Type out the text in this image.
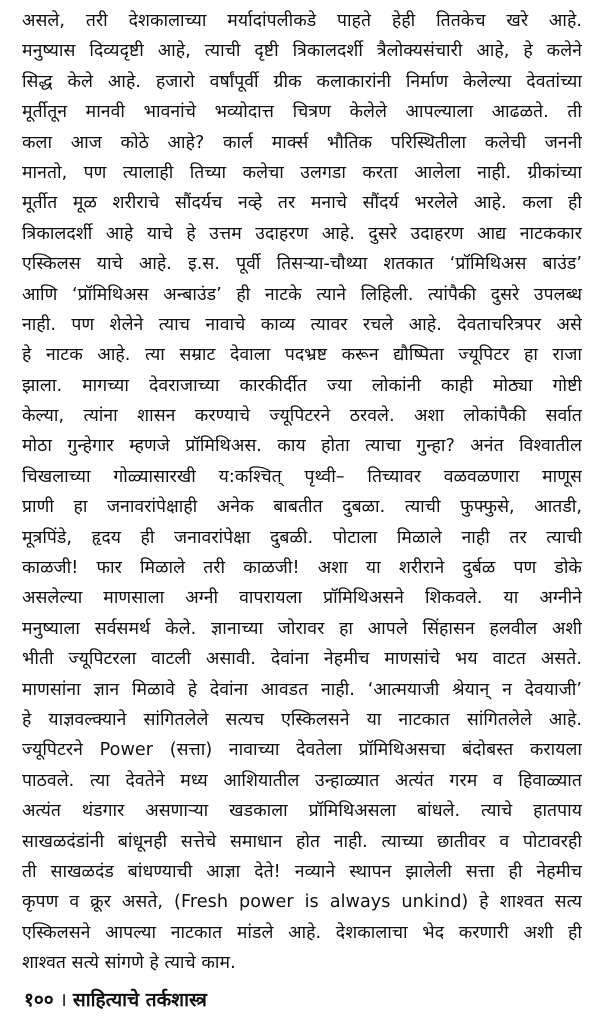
असले, तरी देशकालाच्या मर्यादांपलीकडे पाहते हेही तितकेच खरे आहे.
मनुष्यास दिव्यदृष्टी आहे, त्याची दृष्टी त्रिकालदर्शी त्रैलोक्यसंचारी आहे, हे कलेने
सिद्ध केले आहे. हजारो वर्षांपूर्वी ग्रीक कलाकारांनी निर्माण केलेल्या देवतांच्या
मूर्तीतून मानवी भावनांचे भव्योदात्त चित्रण केलेले आपल्याला आढळते. ती
कला आज कोठे आहे? कार्ल मार्क्स भौतिक परिस्थितीला कलेची जननी
मानतो, पण त्यालाही तिच्या कलेचा उलगडा करता आलेला नाही. ग्रीकांच्या
मूर्तीत मूळ शरीराचे सौंदर्यच नव्हे तर मनाचे सौंदर्य भरलेले आहे. कला ही
त्रिकालदर्शी आहे याचे हे उत्तम उदाहरण आहे. दुसरे उदाहरण आद्य नाटककार
एस्किलस याचे आहे. इ.स. पूर्वी तिसऱ्या-चौथ्या शतकात ‘प्रॉमिथिअस बाउंड’
आणि ‘प्रॉमिथिअस अन्बाउंड’ ही नाटके त्याने लिहिली. त्यांपैकी दुसरे उपलब्ध
नाही. पण शेलेने त्याच नावाचे काव्य त्यावर रचले आहे. देवताचरित्रपर असे
हे नाटक आहे. त्या सम्राट देवाला पदभ्रष्ट करून द्यौष्पिता ज्यूपिटर हा राजा
झाला. मागच्या देवराजाच्या कारकीर्दीत ज्या लोकांनी काही मोठ्या गोष्टी
केल्या, त्यांना शासन करण्याचे ज्यूपिटरने ठरवले. अशा लोकांपैकी सर्वात
मोठा गुन्हेगार म्हणजे प्रॉमिथिअस. काय होता त्याचा गुन्हा? अनंत विश्वातील
चिखलाच्या गोळ्यासारखी य:कश्चित् पृथ्वी– तिच्यावर वळवळणारा माणूस
प्राणी हा जनावरांपेक्षाही अनेक बाबतीत दुबळा. त्याची फुफ्फुसे, आतडी,
मूत्रपिंडे, हृदय ही जनावरांपेक्षा दुबळी. पोटाला मिळाले नाही तर त्याची
काळजी! फार मिळाले तरी काळजी! अशा या शरीराने दुर्बळ पण डोके
असलेल्या माणसाला अग्नी वापरायला प्रॉमिथिअसने शिकवले. या अग्नीने
मनुष्याला सर्वसमर्थ केले. ज्ञानाच्या जोरावर हा आपले सिंहासन हलवील अशी
भीती ज्यूपिटरला वाटली असावी. देवांना नेहमीच माणसांचे भय वाटत असते.
माणसांना ज्ञान मिळावे हे देवांना आवडत नाही. ‘आत्मयाजी श्रेयान् न देवयाजी’
हे याज्ञवल्क्याने सांगितलेले सत्यच एस्किलसने या नाटकात सांगितलेले आहे.
ज्यूपिटरने Power (सत्ता) नावाच्या देवतेला प्रॉमिथिअसचा बंदोबस्त करायला
पाठवले. त्या देवतेने मध्य आशियातील उन्हाळ्यात अत्यंत गरम व हिवाळ्यात
अत्यंत थंडगार असणाऱ्या खडकाला प्रॉमिथिअसला बांधले. त्याचे हातपाय
साखळदंडांनी बांधूनही सत्तेचे समाधान होत नाही. त्याच्या छातीवर व पोटावरही
ती साखळदंड बांधण्याची आज्ञा देते! नव्याने स्थापन झालेली सत्ता ही नेहमीच
कृपण व क्रूर असते, (Fresh power is always unkind) हे शाश्वत सत्य
एस्किलसने आपल्या नाटकात मांडले आहे. देशकालाचा भेद करणारी अशी ही
शाश्वत सत्ये सांगणे हे त्याचे काम.
१०० । साहित्याचे तर्कशास्त्र
